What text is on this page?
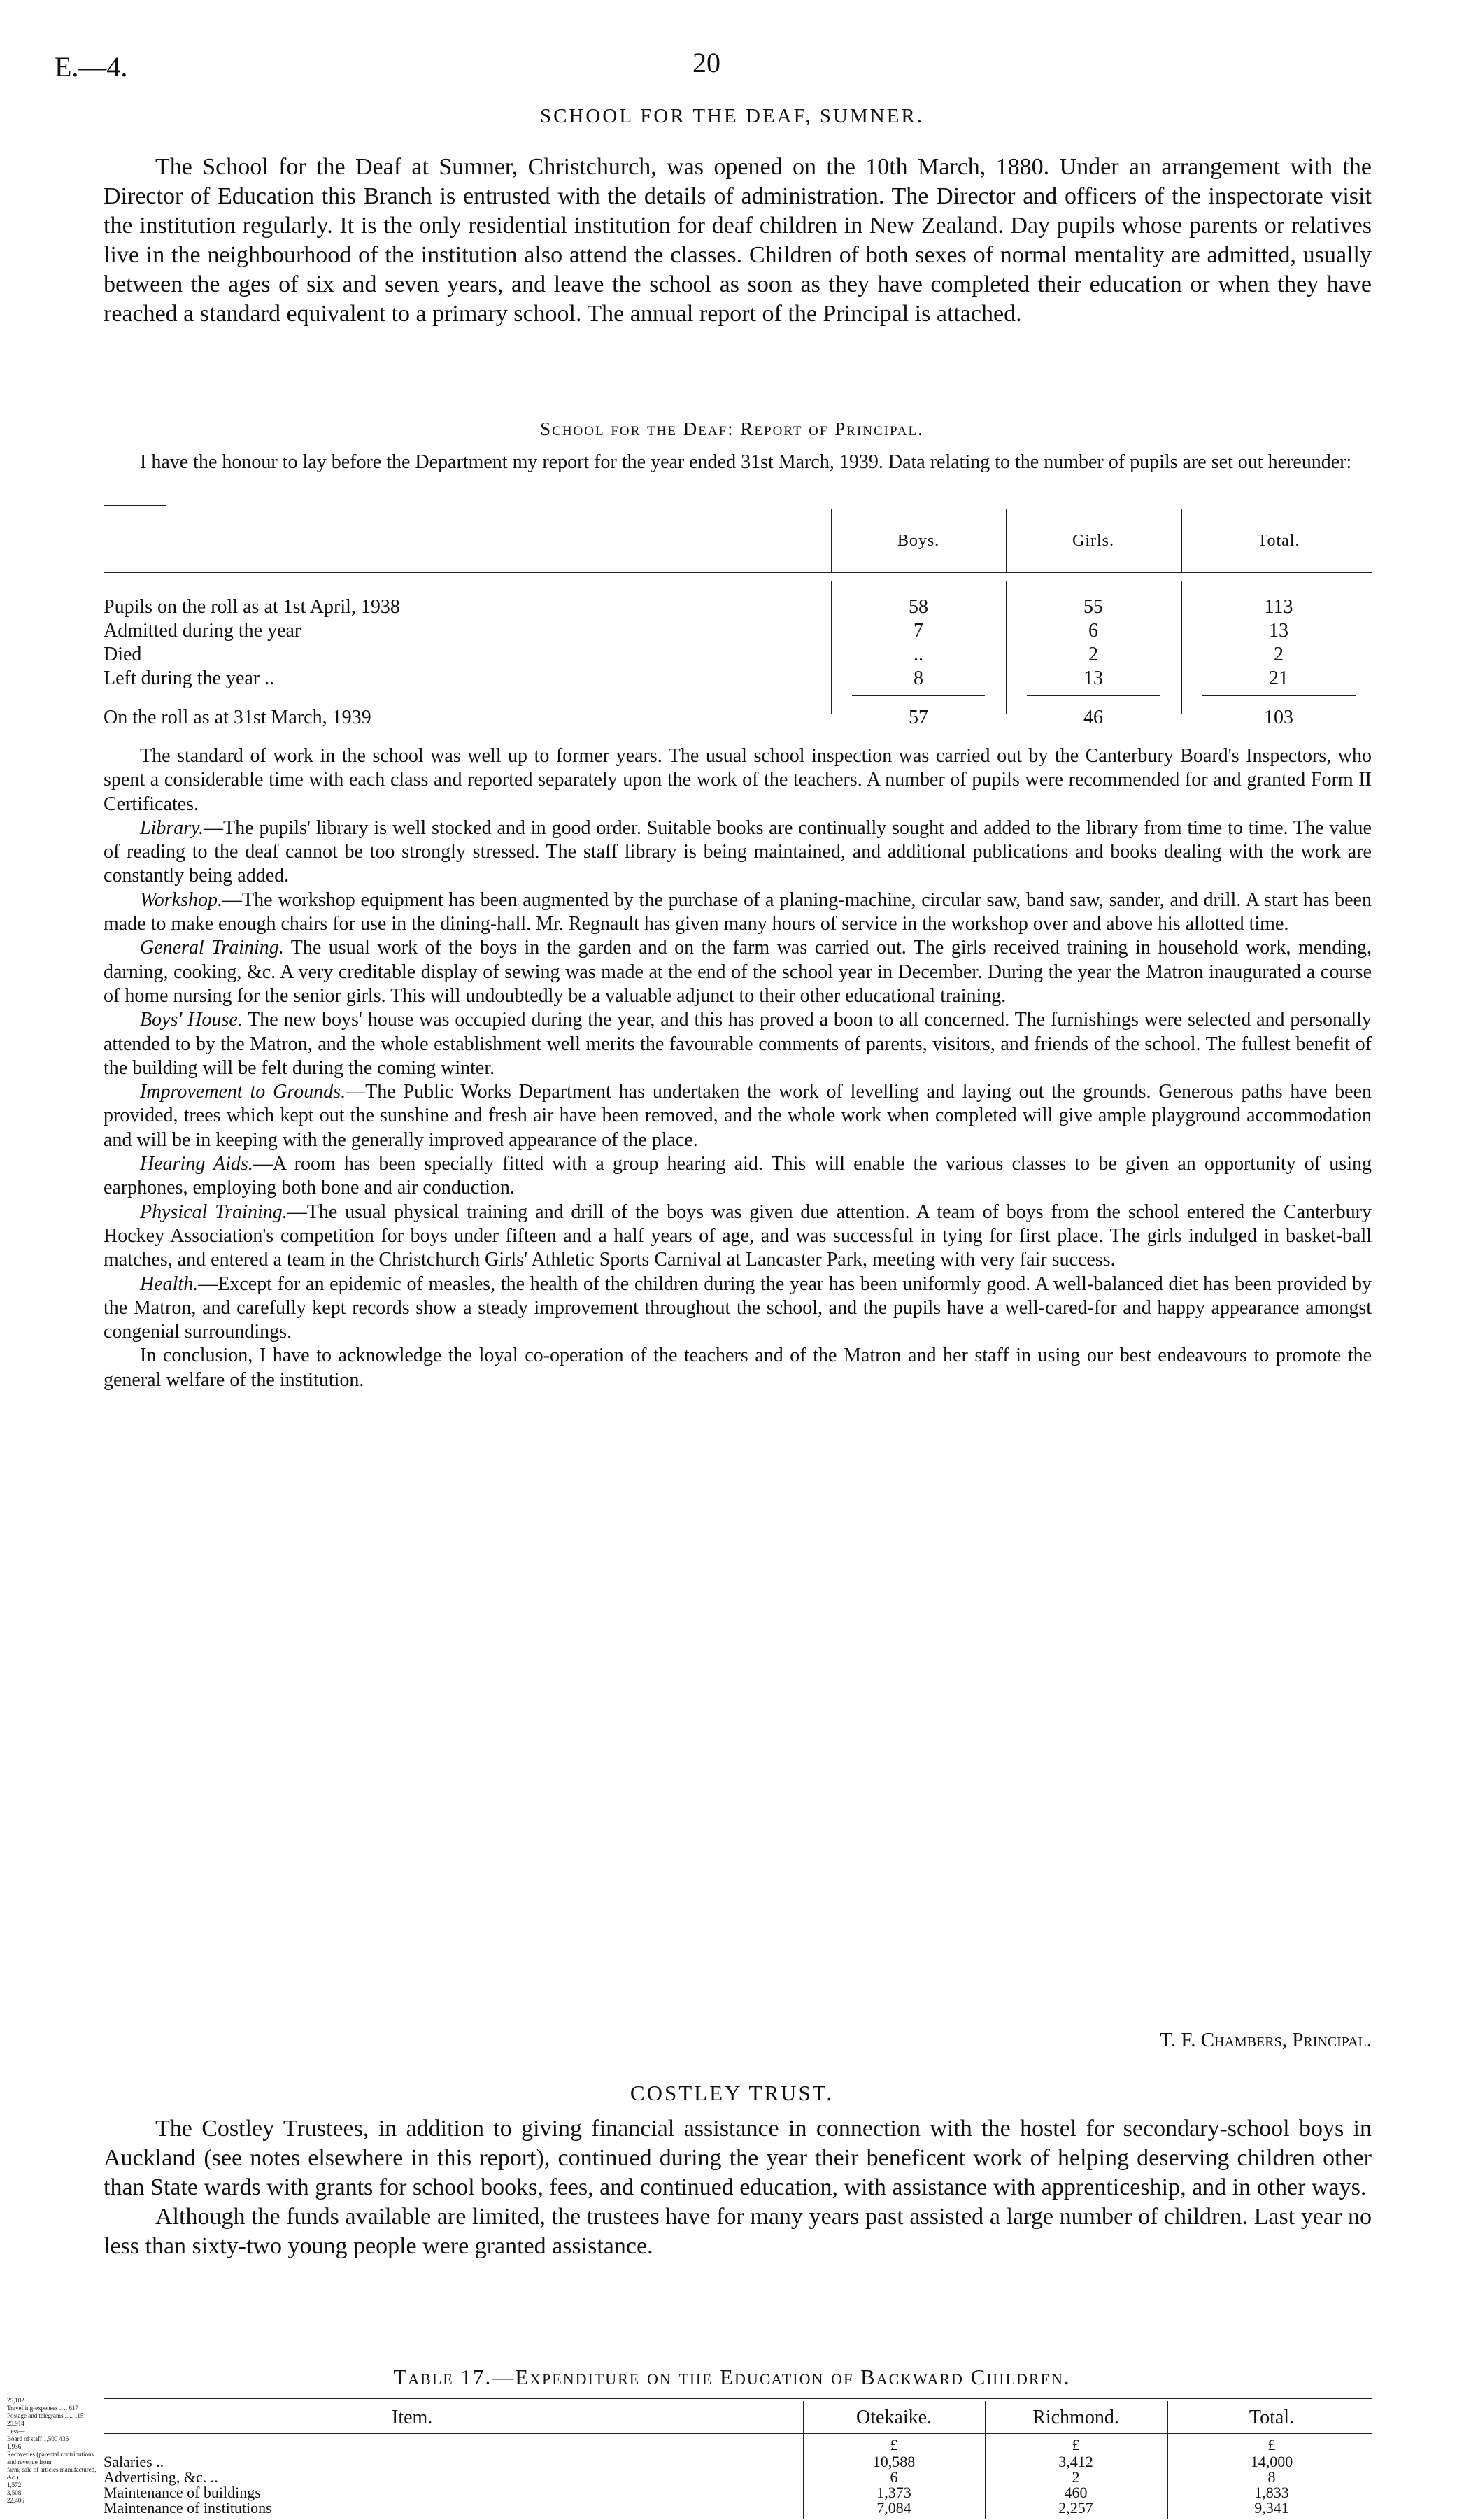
E.—4.	20
SCHOOL FOR THE DEAF, SUMNER.
The School for the Deaf at Sumner, Christchurch, was opened on the 10th March, 1880. Under an arrangement with the Director of Education this Branch is entrusted with the details of administration. The Director and officers of the inspectorate visit the institution regularly. It is the only residential institution for deaf children in New Zealand. Day pupils whose parents or relatives live in the neighbourhood of the institution also attend the classes. Children of both sexes of normal mentality are admitted, usually between the ages of six and seven years, and leave the school as soon as they have completed their education or when they have reached a standard equivalent to a primary school. The annual report of the Principal is attached.
School for the Deaf: Report of Principal.
I have the honour to lay before the Department my report for the year ended 31st March, 1939. Data relating to the number of pupils are set out hereunder:
Boys.	Girls.	Total.
Pupils on the roll as at 1st April, 1938	58	55	113
Admitted during the year	7	6	13
Died	..	2	2
Left during the year ..	8	13	21
On the roll as at 31st March, 1939	57	46	103
The standard of work in the school was well up to former years. The usual school inspection was carried out by the Canterbury Board's Inspectors, who spent a considerable time with each class and reported separately upon the work of the teachers. A number of pupils were recommended for and granted Form II Certificates.
Library.—The pupils' library is well stocked and in good order. Suitable books are continually sought and added to the library from time to time. The value of reading to the deaf cannot be too strongly stressed. The staff library is being maintained, and additional publications and books dealing with the work are constantly being added.
Workshop.—The workshop equipment has been augmented by the purchase of a planing-machine, circular saw, band saw, sander, and drill. A start has been made to make enough chairs for use in the dining-hall. Mr. Regnault has given many hours of service in the workshop over and above his allotted time.
General Training. The usual work of the boys in the garden and on the farm was carried out. The girls received training in household work, mending, darning, cooking, &c. A very creditable display of sewing was made at the end of the school year in December. During the year the Matron inaugurated a course of home nursing for the senior girls. This will undoubtedly be a valuable adjunct to their other educational training.
Boys' House. The new boys' house was occupied during the year, and this has proved a boon to all concerned. The furnishings were selected and personally attended to by the Matron, and the whole establishment well merits the favourable comments of parents, visitors, and friends of the school. The fullest benefit of the building will be felt during the coming winter.
Improvement to Grounds.—The Public Works Department has undertaken the work of levelling and laying out the grounds. Generous paths have been provided, trees which kept out the sunshine and fresh air have been removed, and the whole work when completed will give ample playground accommodation and will be in keeping with the generally improved appearance of the place.
Hearing Aids.—A room has been specially fitted with a group hearing aid. This will enable the various classes to be given an opportunity of using earphones, employing both bone and air conduction.
Physical Training.—The usual physical training and drill of the boys was given due attention. A team of boys from the school entered the Canterbury Hockey Association's competition for boys under fifteen and a half years of age, and was successful in tying for first place. The girls indulged in basket-ball matches, and entered a team in the Christchurch Girls' Athletic Sports Carnival at Lancaster Park, meeting with very fair success.
Health.—Except for an epidemic of measles, the health of the children during the year has been uniformly good. A well-balanced diet has been provided by the Matron, and carefully kept records show a steady improvement throughout the school, and the pupils have a well-cared-for and happy appearance amongst congenial surroundings.
In conclusion, I have to acknowledge the loyal co-operation of the teachers and of the Matron and her staff in using our best endeavours to promote the general welfare of the institution.
T. F. Chambers, Principal.
COSTLEY TRUST.
The Costley Trustees, in addition to giving financial assistance in connection with the hostel for secondary-school boys in Auckland (see notes elsewhere in this report), continued during the year their beneficent work of helping deserving children other than State wards with grants for school books, fees, and continued education, with assistance with apprenticeship, and in other ways.
Although the funds available are limited, the trustees have for many years past assisted a large number of children. Last year no less than sixty-two young people were granted assistance.
Table 17.—Expenditure on the Education of Backward Children.
Item.	Otekaike.	Richmond.	Total.
£	£	£
Salaries ..	10,588	3,412	14,000
Advertising, &c. ..	6	2	8
Maintenance of buildings	1,373	460	1,833
Maintenance of institutions	7,084	2,257	9,341
25,182
Travelling-expenses .. .. 617
Postage and telegrams .. .. 115
25,914
Less—
Board of staff 1,500 436
1,936
Recoveries (parental contributions and revenue from
farm, sale of articles manufactured, &c.)
1,572
3,508
22,406
